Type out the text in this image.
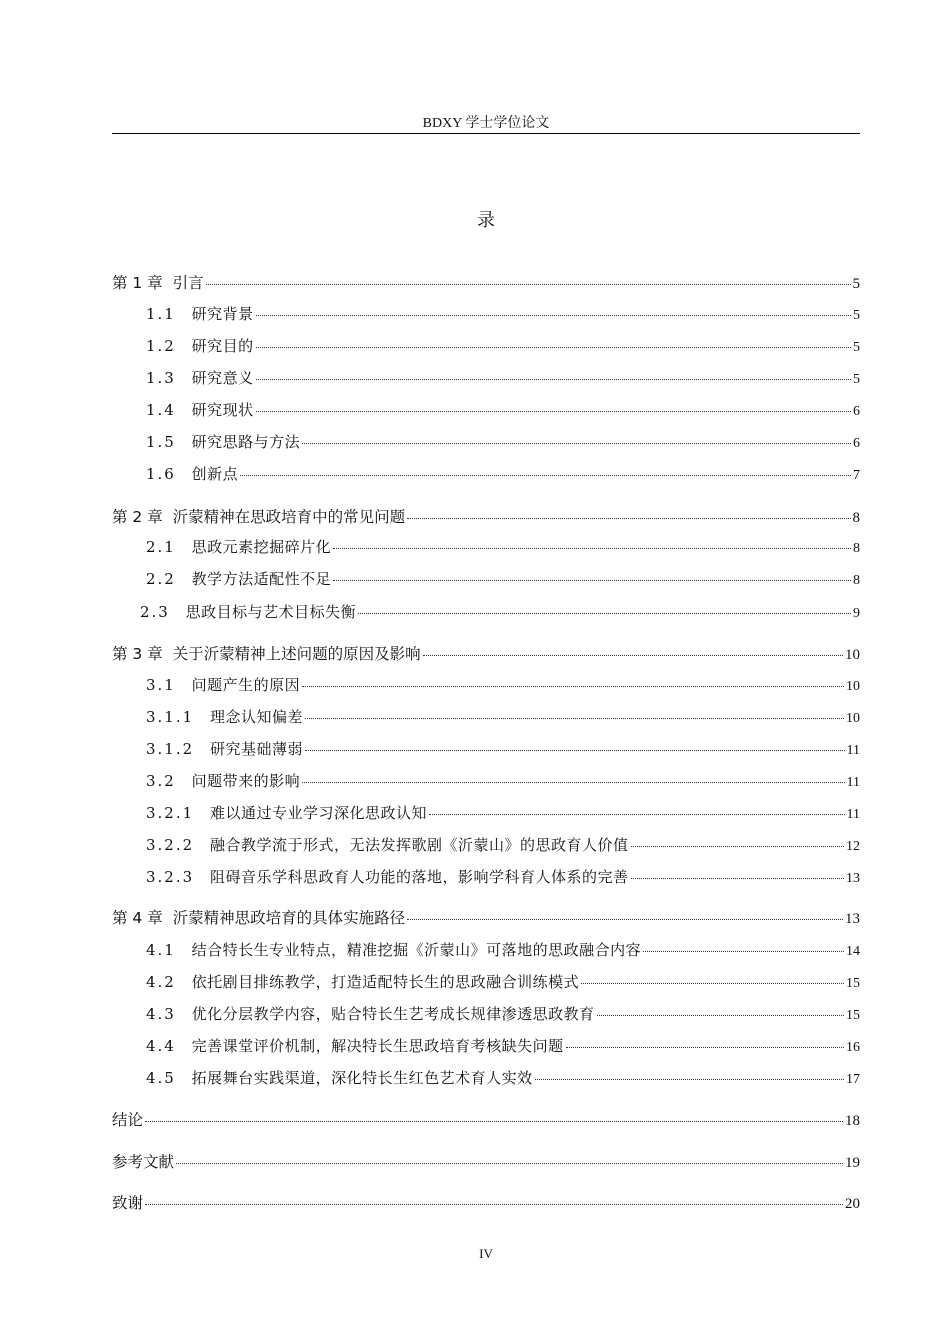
BDXY 学士学位论文
录
第 1 章 引言	5
1.1 研究背景	5
1.2 研究目的	5
1.3 研究意义	5
1.4 研究现状	6
1.5 研究思路与方法	6
1.6 创新点	7
第 2 章 沂蒙精神在思政培育中的常见问题	8
2.1 思政元素挖掘碎片化	8
2.2 教学方法适配性不足	8
2.3 思政目标与艺术目标失衡	9
第 3 章 关于沂蒙精神上述问题的原因及影响	10
3.1 问题产生的原因	10
3.1.1 理念认知偏差	10
3.1.2 研究基础薄弱	11
3.2 问题带来的影响	11
3.2.1 难以通过专业学习深化思政认知	11
3.2.2 融合教学流于形式，无法发挥歌剧《沂蒙山》的思政育人价值	12
3.2.3 阻碍音乐学科思政育人功能的落地，影响学科育人体系的完善	13
第 4 章 沂蒙精神思政培育的具体实施路径	13
4.1 结合特长生专业特点，精准挖掘《沂蒙山》可落地的思政融合内容	14
4.2 依托剧目排练教学，打造适配特长生的思政融合训练模式	15
4.3 优化分层教学内容，贴合特长生艺考成长规律渗透思政教育	15
4.4 完善课堂评价机制，解决特长生思政培育考核缺失问题	16
4.5 拓展舞台实践渠道，深化特长生红色艺术育人实效	17
结论	18
参考文献	19
致谢	20
IV
